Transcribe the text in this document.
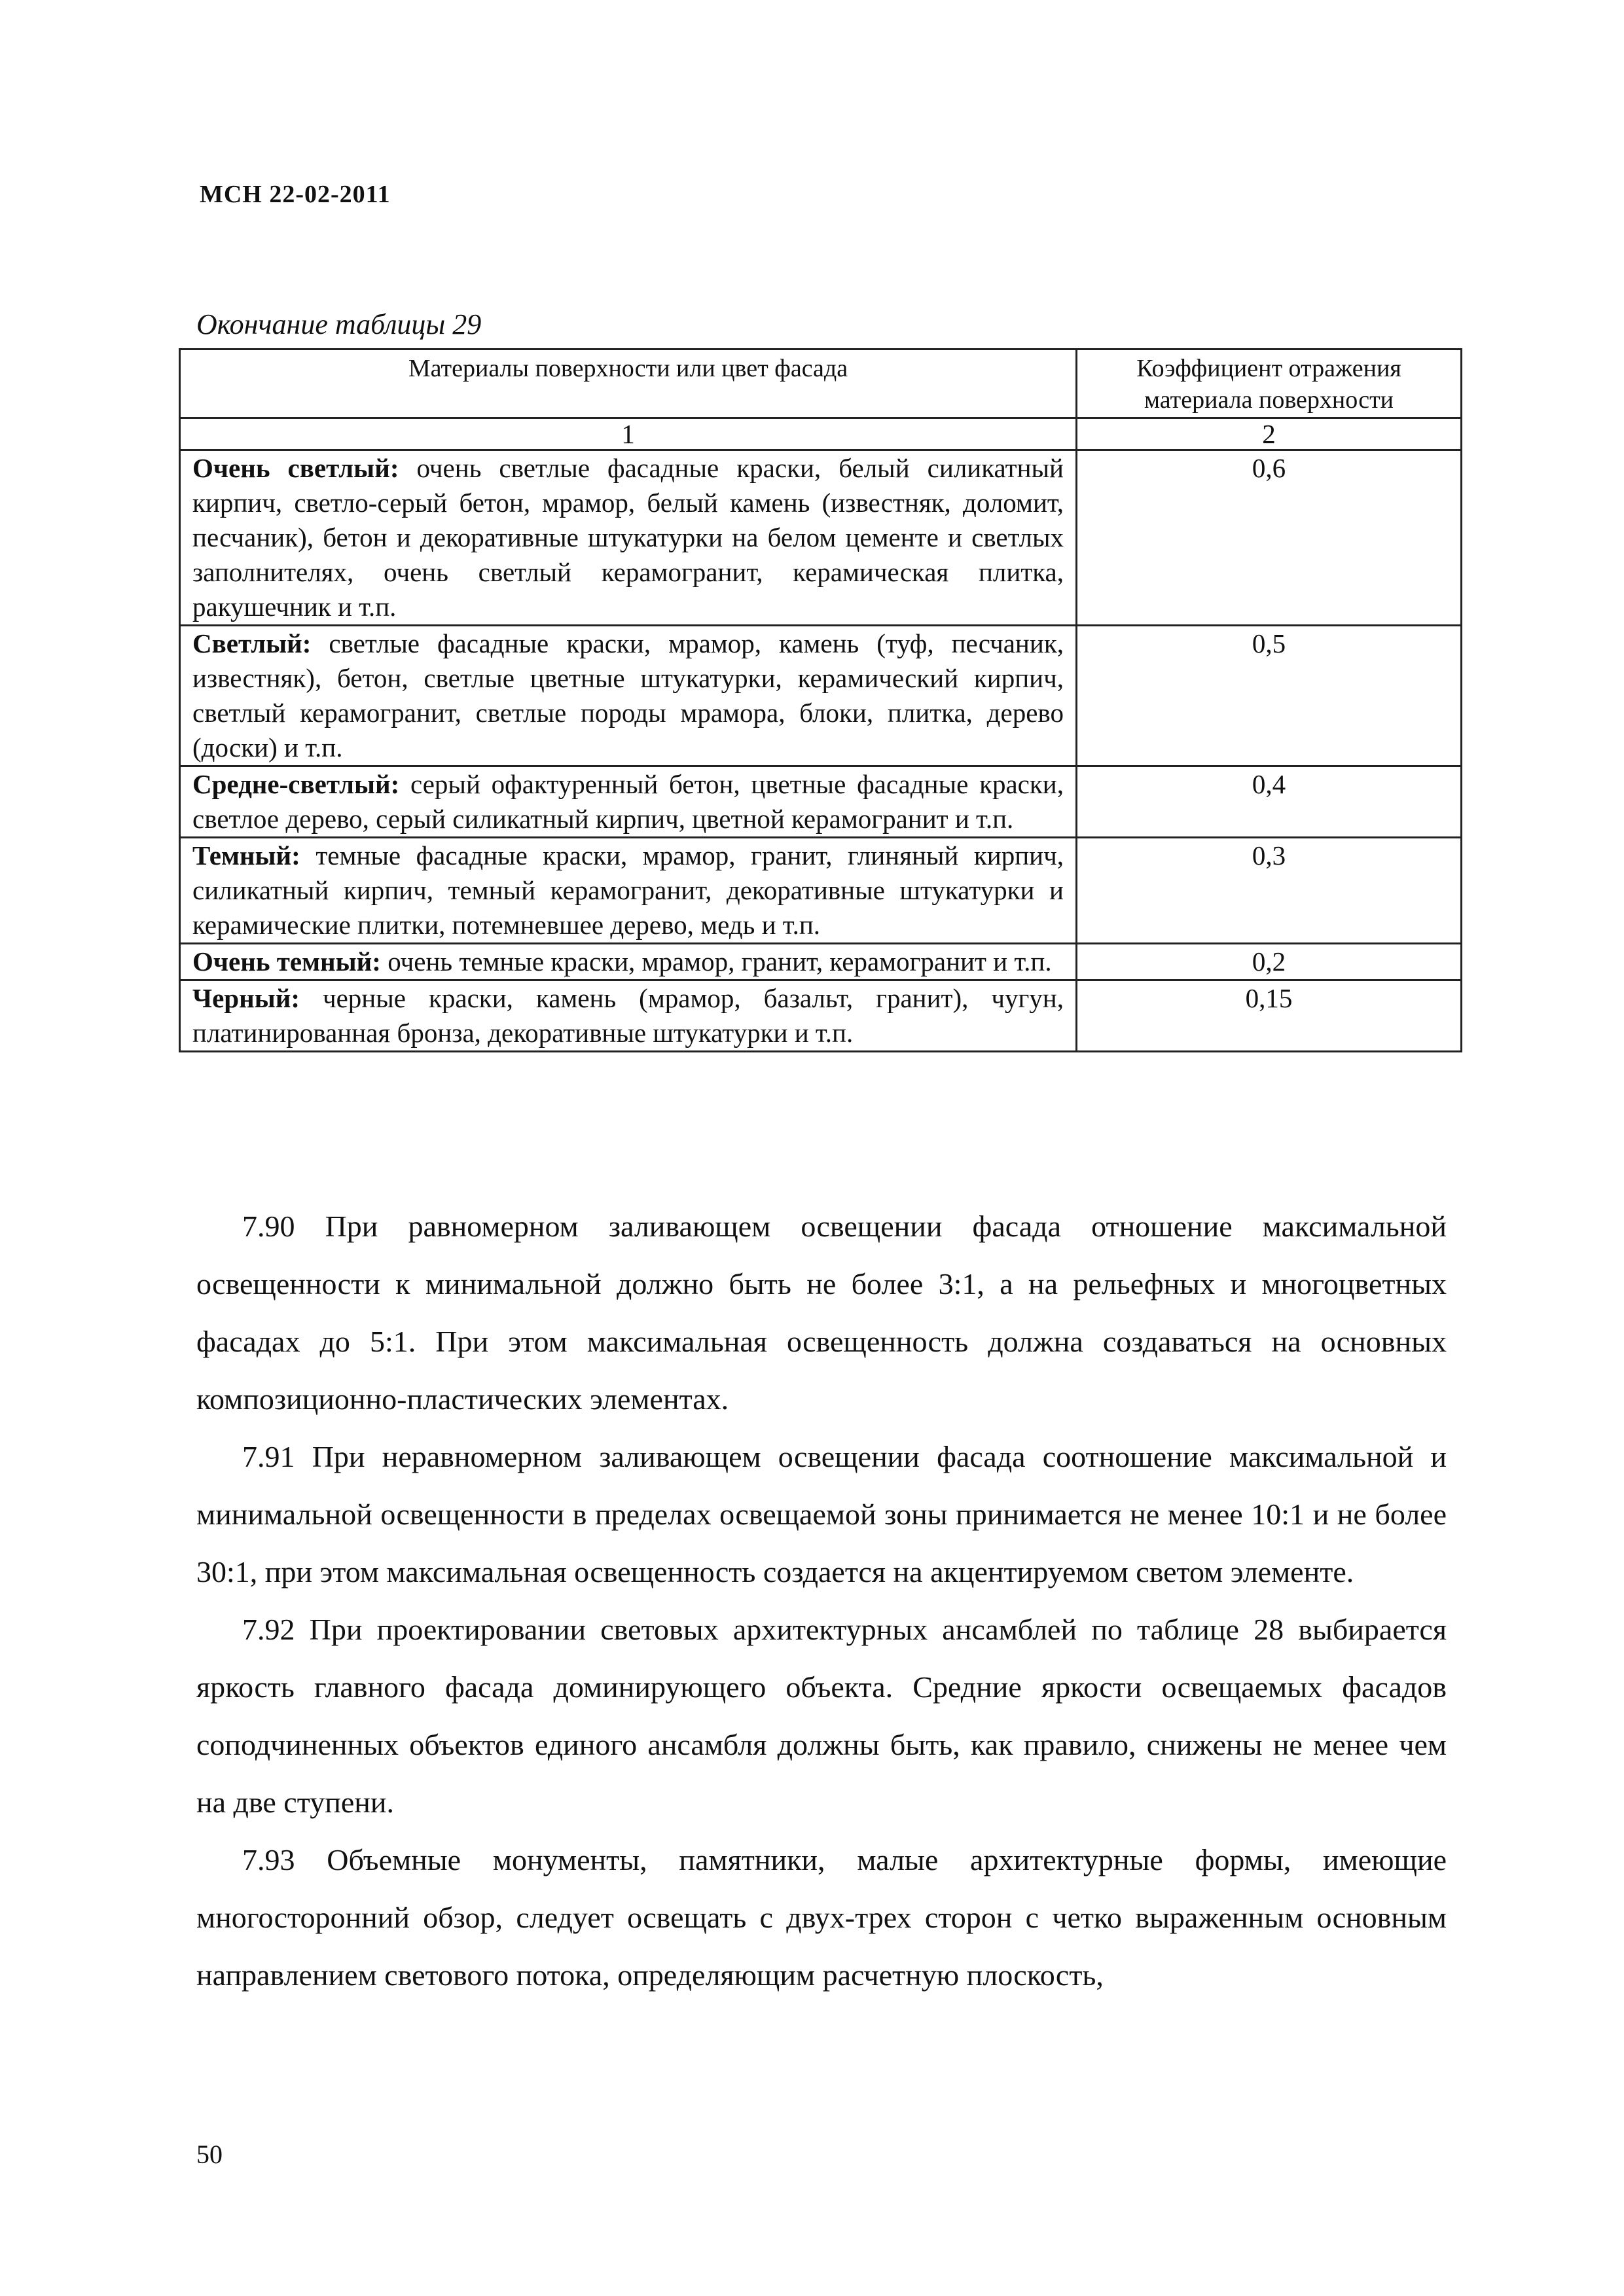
МСН 22-02-2011
Окончание таблицы 29
Материалы поверхности или цвет фасада	Коэффициент отражения материала поверхности
1	2
Очень светлый: очень светлые фасадные краски, белый силикатный кирпич, светло-серый бетон, мрамор, белый камень (известняк, доломит, песчаник), бетон и декоративные штукатурки на белом цементе и светлых заполнителях, очень светлый керамогранит, керамическая плитка, ракушечник и т.п.	0,6
Светлый: светлые фасадные краски, мрамор, камень (туф, песчаник, известняк), бетон, светлые цветные штукатурки, керамический кирпич, светлый керамогранит, светлые породы мрамора, блоки, плитка, дерево (доски) и т.п.	0,5
Средне-светлый: серый офактуренный бетон, цветные фасадные краски, светлое дерево, серый силикатный кирпич, цветной керамогранит и т.п.	0,4
Темный: темные фасадные краски, мрамор, гранит, глиняный кирпич, силикатный кирпич, темный керамогранит, декоративные штукатурки и керамические плитки, потемневшее дерево, медь и т.п.	0,3
Очень темный: очень темные краски, мрамор, гранит, керамогранит и т.п.	0,2
Черный: черные краски, камень (мрамор, базальт, гранит), чугун, платинированная бронза, декоративные штукатурки и т.п.	0,15

7.90 При равномерном заливающем освещении фасада отношение максимальной освещенности к минимальной должно быть не более 3:1, а на рельефных и многоцветных фасадах до 5:1. При этом максимальная освещенность должна создаваться на основных композиционно-пластических элементах.

7.91 При неравномерном заливающем освещении фасада соотношение максимальной и минимальной освещенности в пределах освещаемой зоны принимается не менее 10:1 и не более 30:1, при этом максимальная освещенность создается на акцентируемом светом элементе.

7.92 При проектировании световых архитектурных ансамблей по таблице 28 выбирается яркость главного фасада доминирующего объекта. Средние яркости освещаемых фасадов соподчиненных объектов единого ансамбля должны быть, как правило, снижены не менее чем на две ступени.

7.93 Объемные монументы, памятники, малые архитектурные формы, имеющие многосторонний обзор, следует освещать с двух-трех сторон с четко выраженным основным направлением светового потока, определяющим расчетную плоскость,

50
